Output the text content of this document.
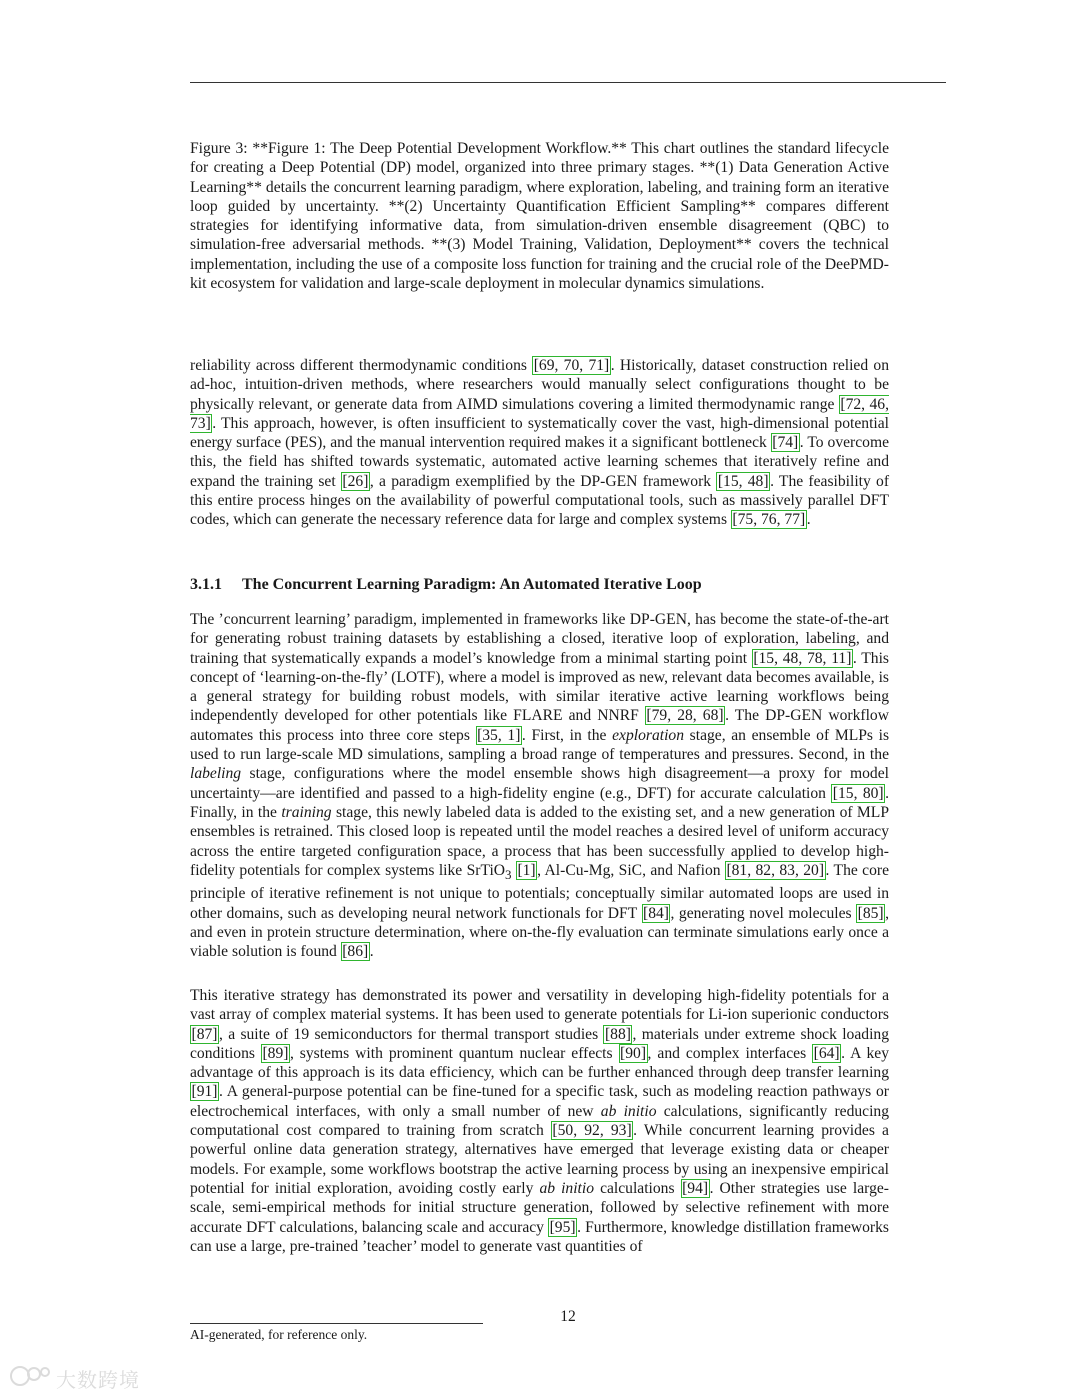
Figure 3: **Figure 1: The Deep Potential Development Workflow.** This chart outlines the standard lifecycle for creating a Deep Potential (DP) model, organized into three primary stages. **(1) Data Generation Active Learning** details the concurrent learning paradigm, where exploration, labeling, and training form an iterative loop guided by uncertainty. **(2) Uncertainty Quantification Efficient Sampling** compares different strategies for identifying informative data, from simulation-driven ensemble disagreement (QBC) to simulation-free adversarial methods. **(3) Model Training, Validation, Deployment** covers the technical implementation, including the use of a composite loss function for training and the crucial role of the DeePMD-kit ecosystem for validation and large-scale deployment in molecular dynamics simulations.
reliability across different thermodynamic conditions [69, 70, 71]. Historically, dataset construction relied on ad-hoc, intuition-driven methods, where researchers would manually select configurations thought to be physically relevant, or generate data from AIMD simulations covering a limited thermodynamic range [72, 46, 73]. This approach, however, is often insufficient to systematically cover the vast, high-dimensional potential energy surface (PES), and the manual intervention required makes it a significant bottleneck [74]. To overcome this, the field has shifted towards systematic, automated active learning schemes that iteratively refine and expand the training set [26], a paradigm exemplified by the DP-GEN framework [15, 48]. The feasibility of this entire process hinges on the availability of powerful computational tools, such as massively parallel DFT codes, which can generate the necessary reference data for large and complex systems [75, 76, 77].
3.1.1 The Concurrent Learning Paradigm: An Automated Iterative Loop
The ’concurrent learning’ paradigm, implemented in frameworks like DP-GEN, has become the state-of-the-art for generating robust training datasets by establishing a closed, iterative loop of exploration, labeling, and training that systematically expands a model’s knowledge from a minimal starting point [15, 48, 78, 11]. This concept of ‘learning-on-the-fly’ (LOTF), where a model is improved as new, relevant data becomes available, is a general strategy for building robust models, with similar iterative active learning workflows being independently developed for other potentials like FLARE and NNRF [79, 28, 68]. The DP-GEN workflow automates this process into three core steps [35, 1]. First, in the exploration stage, an ensemble of MLPs is used to run large-scale MD simulations, sampling a broad range of temperatures and pressures. Second, in the labeling stage, configurations where the model ensemble shows high disagreement—a proxy for model uncertainty—are identified and passed to a high-fidelity engine (e.g., DFT) for accurate calculation [15, 80]. Finally, in the training stage, this newly labeled data is added to the existing set, and a new generation of MLP ensembles is retrained. This closed loop is repeated until the model reaches a desired level of uniform accuracy across the entire targeted configuration space, a process that has been successfully applied to develop high-fidelity potentials for complex systems like SrTiO$_3$ [1], Al-Cu-Mg, SiC, and Nafion [81, 82, 83, 20]. The core principle of iterative refinement is not unique to potentials; conceptually similar automated loops are used in other domains, such as developing neural network functionals for DFT [84], generating novel molecules [85], and even in protein structure determination, where on-the-fly evaluation can terminate simulations early once a viable solution is found [86].
This iterative strategy has demonstrated its power and versatility in developing high-fidelity potentials for a vast array of complex material systems. It has been used to generate potentials for Li-ion superionic conductors [87], a suite of 19 semiconductors for thermal transport studies [88], materials under extreme shock loading conditions [89], systems with prominent quantum nuclear effects [90], and complex interfaces [64]. A key advantage of this approach is its data efficiency, which can be further enhanced through deep transfer learning [91]. A general-purpose potential can be fine-tuned for a specific task, such as modeling reaction pathways or electrochemical interfaces, with only a small number of new ab initio calculations, significantly reducing computational cost compared to training from scratch [50, 92, 93]. While concurrent learning provides a powerful online data generation strategy, alternatives have emerged that leverage existing data or cheaper models. For example, some workflows bootstrap the active learning process by using an inexpensive empirical potential for initial exploration, avoiding costly early ab initio calculations [94]. Other strategies use large-scale, semi-empirical methods for initial structure generation, followed by selective refinement with more accurate DFT calculations, balancing scale and accuracy [95]. Furthermore, knowledge distillation frameworks can use a large, pre-trained ’teacher’ model to generate vast quantities of
12
AI-generated, for reference only.
大数跨境
